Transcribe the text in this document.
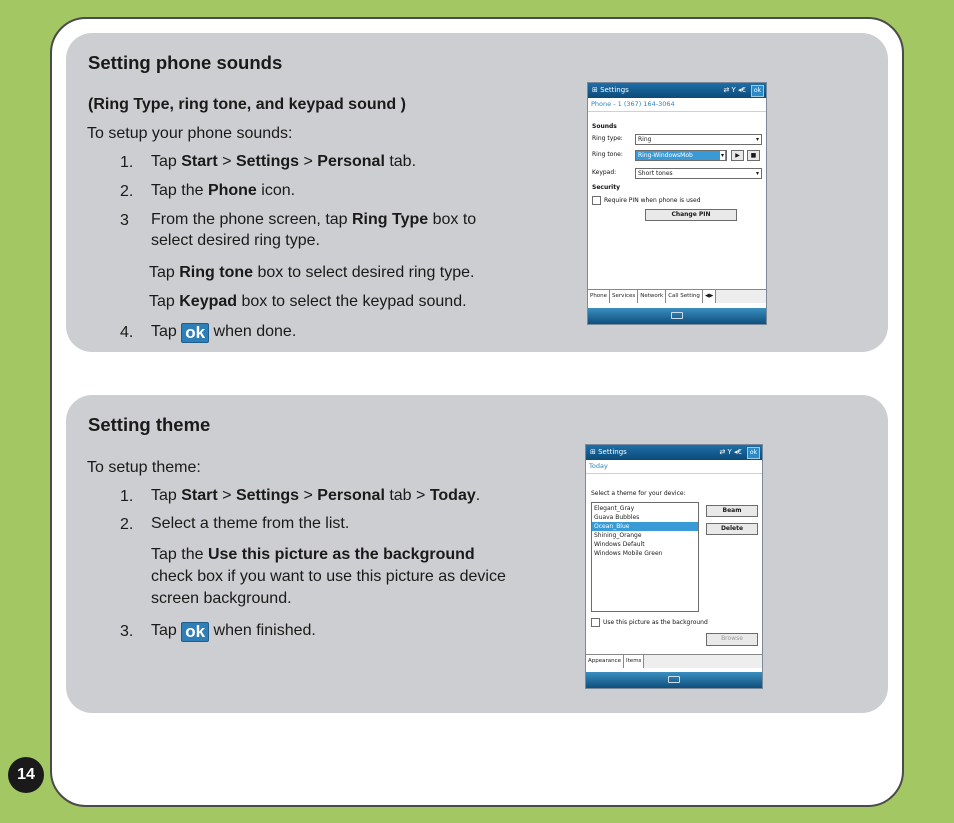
Setting phone sounds
(Ring Type, ring tone, and keypad sound )
To setup your phone sounds:
1. Tap Start > Settings > Personal tab.
2. Tap the Phone icon.
3 From the phone screen, tap Ring Type box to
select desired ring type.
Tap Ring tone box to select desired ring type.
Tap Keypad box to select the keypad sound.
4. Tap ok when done.
⊞ Settings	⇄ Y ◂€	ok
Phone - 1 (367) 164-3064
Sounds
Ring type:	Ring	▾
Ring tone:	Ring-WindowsMob	▾	▶	■
Keypad:	Short tones	▾
Security
Require PIN when phone is used
Change PIN
Phone Services Network Call Setting ◀▶
Setting theme
To setup theme:
1. Tap Start > Settings > Personal tab > Today.
2. Select a theme from the list.
Tap the Use this picture as the background
check box if you want to use this picture as device
screen background.
3. Tap ok when finished.
⊞ Settings	⇄ Y ◂€	ok
Today
Select a theme for your device:
Elegant_Gray
Guava Bubbles
Ocean_Blue
Shining_Orange
Windows Default
Windows Mobile Green
Beam
Delete
Use this picture as the background
Browse
Appearance Items
14
